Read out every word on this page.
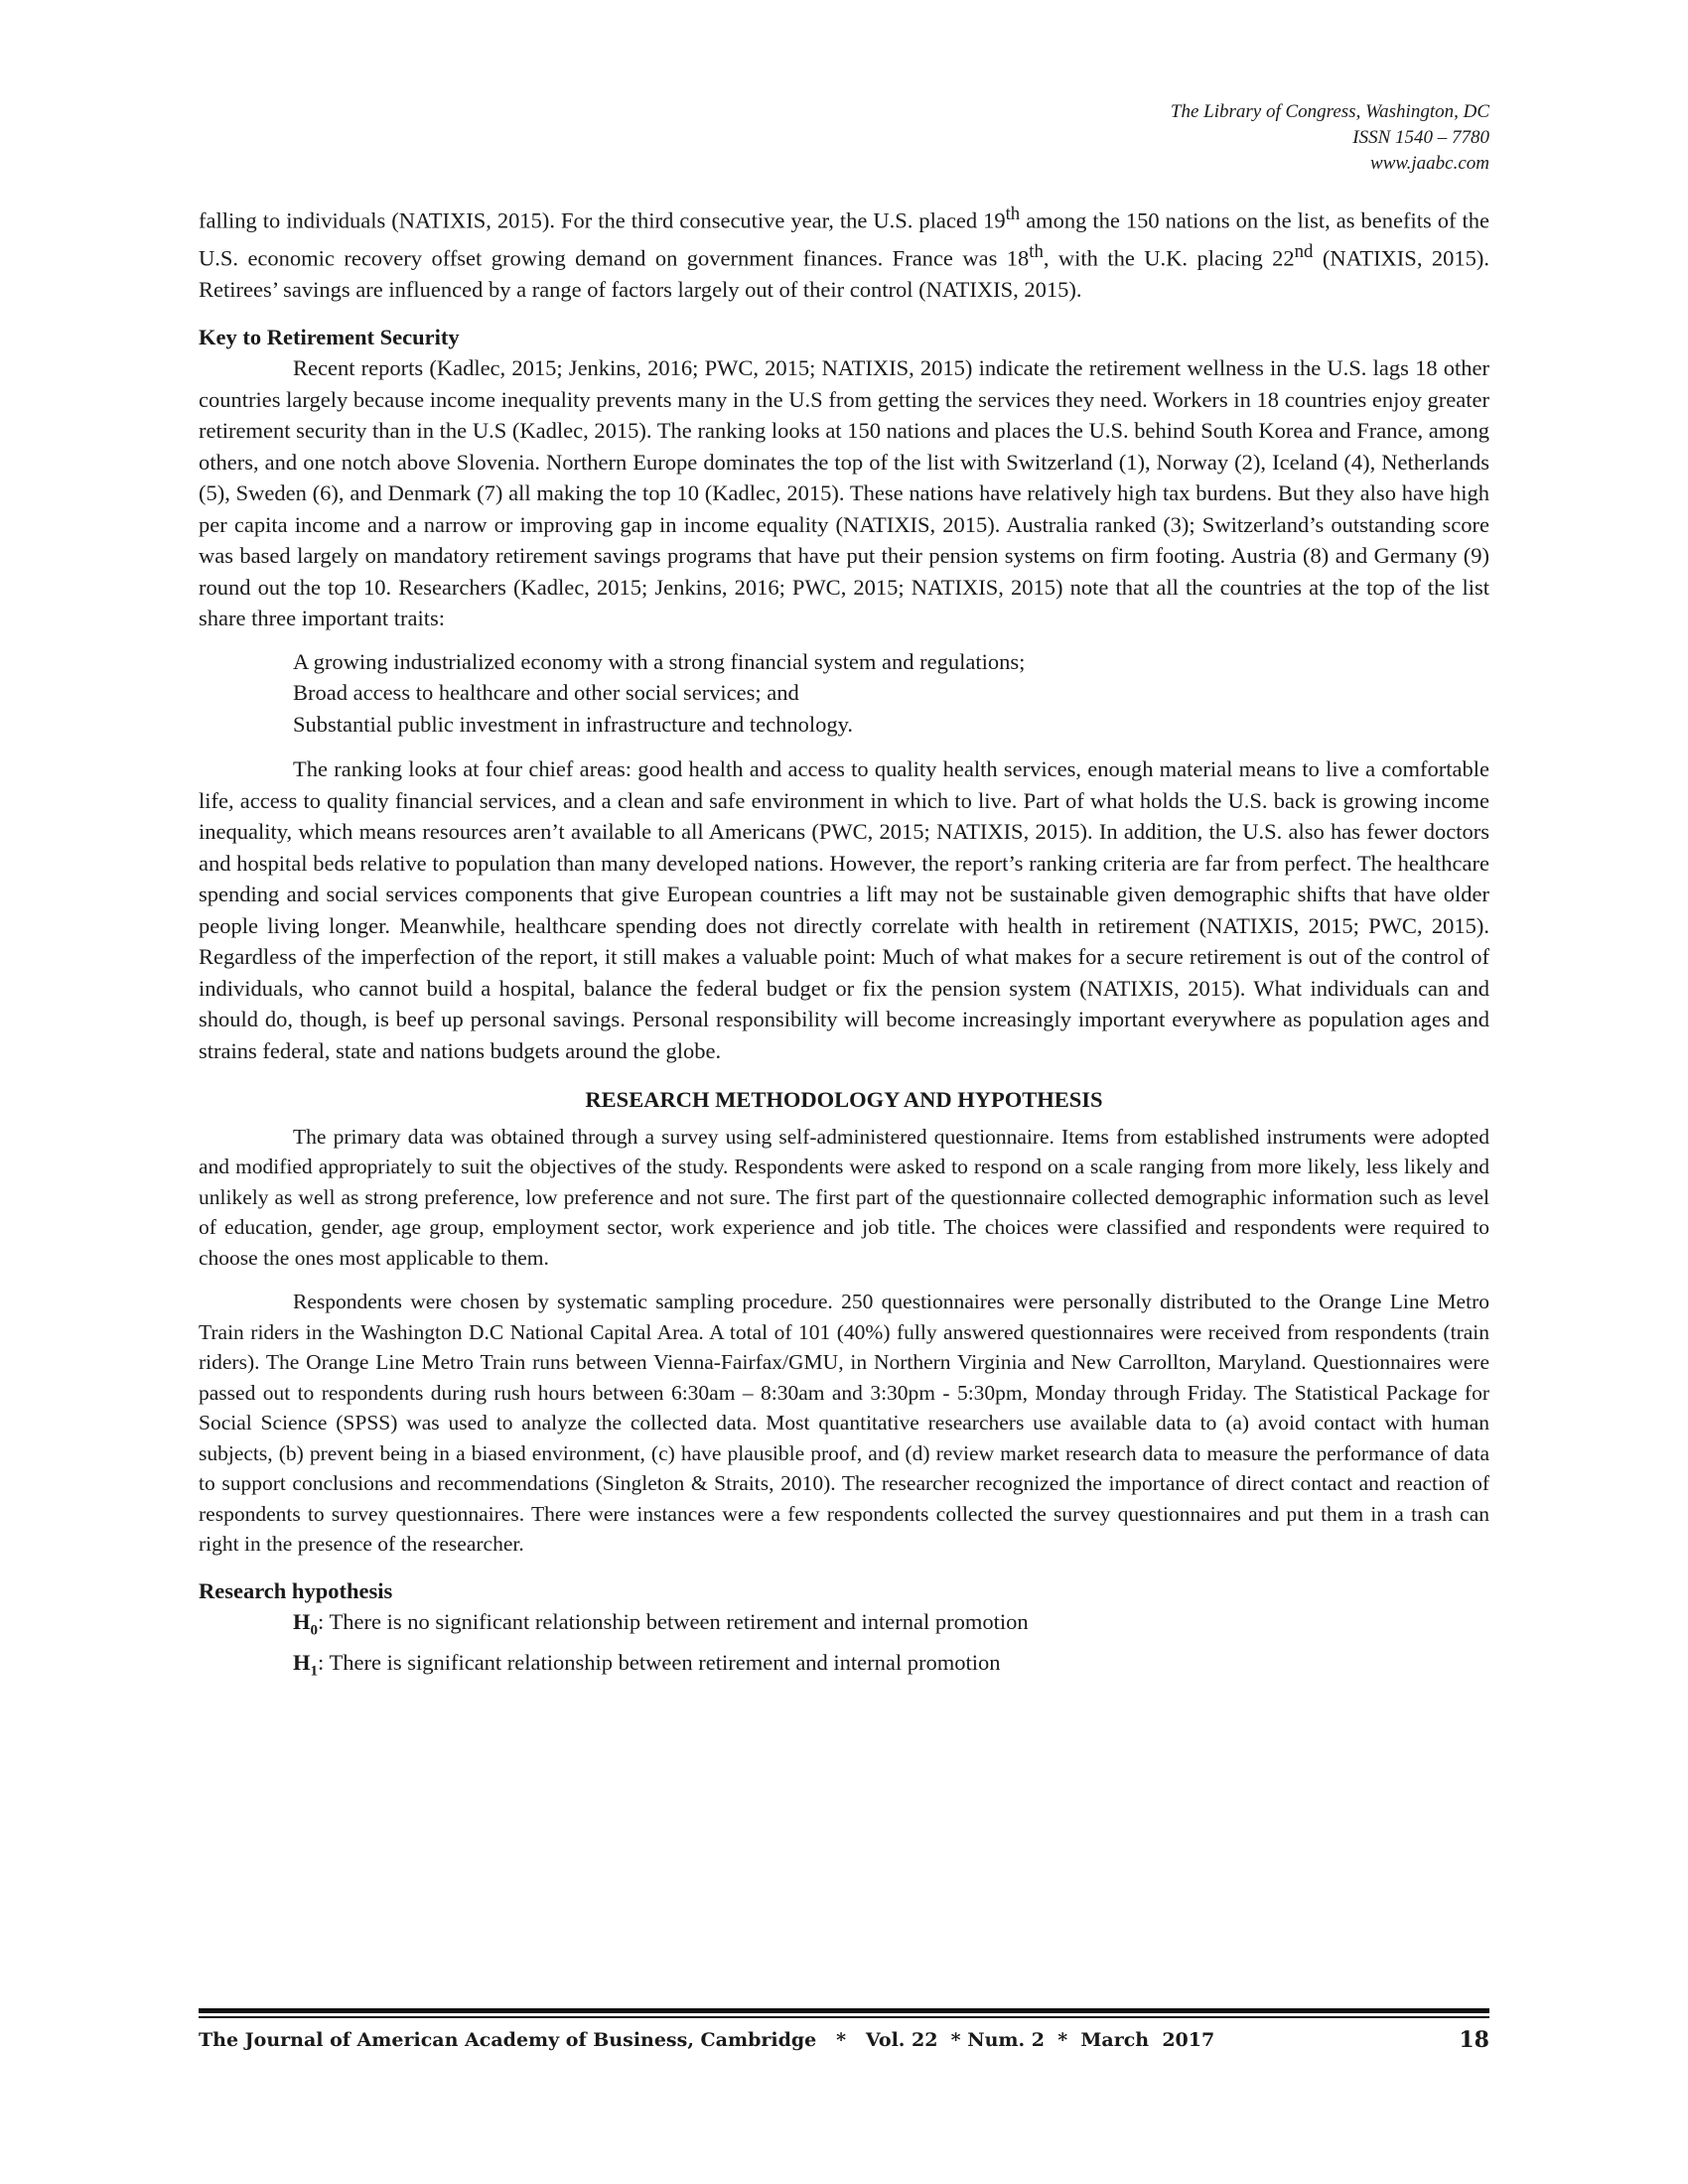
The Library of Congress, Washington, DC
ISSN 1540 – 7780
www.jaabc.com

falling to individuals (NATIXIS, 2015). For the third consecutive year, the U.S. placed 19th among the 150 nations on the list, as benefits of the U.S. economic recovery offset growing demand on government finances. France was 18th, with the U.K. placing 22nd (NATIXIS, 2015). Retirees’ savings are influenced by a range of factors largely out of their control (NATIXIS, 2015).

Key to Retirement Security

Recent reports (Kadlec, 2015; Jenkins, 2016; PWC, 2015; NATIXIS, 2015) indicate the retirement wellness in the U.S. lags 18 other countries largely because income inequality prevents many in the U.S from getting the services they need. Workers in 18 countries enjoy greater retirement security than in the U.S (Kadlec, 2015). The ranking looks at 150 nations and places the U.S. behind South Korea and France, among others, and one notch above Slovenia. Northern Europe dominates the top of the list with Switzerland (1), Norway (2), Iceland (4), Netherlands (5), Sweden (6), and Denmark (7) all making the top 10 (Kadlec, 2015). These nations have relatively high tax burdens. But they also have high per capita income and a narrow or improving gap in income equality (NATIXIS, 2015). Australia ranked (3); Switzerland’s outstanding score was based largely on mandatory retirement savings programs that have put their pension systems on firm footing. Austria (8) and Germany (9) round out the top 10. Researchers (Kadlec, 2015; Jenkins, 2016; PWC, 2015; NATIXIS, 2015) note that all the countries at the top of the list share three important traits:

A growing industrialized economy with a strong financial system and regulations;
Broad access to healthcare and other social services; and
Substantial public investment in infrastructure and technology.

The ranking looks at four chief areas: good health and access to quality health services, enough material means to live a comfortable life, access to quality financial services, and a clean and safe environment in which to live. Part of what holds the U.S. back is growing income inequality, which means resources aren’t available to all Americans (PWC, 2015; NATIXIS, 2015). In addition, the U.S. also has fewer doctors and hospital beds relative to population than many developed nations. However, the report’s ranking criteria are far from perfect. The healthcare spending and social services components that give European countries a lift may not be sustainable given demographic shifts that have older people living longer. Meanwhile, healthcare spending does not directly correlate with health in retirement (NATIXIS, 2015; PWC, 2015). Regardless of the imperfection of the report, it still makes a valuable point: Much of what makes for a secure retirement is out of the control of individuals, who cannot build a hospital, balance the federal budget or fix the pension system (NATIXIS, 2015). What individuals can and should do, though, is beef up personal savings. Personal responsibility will become increasingly important everywhere as population ages and strains federal, state and nations budgets around the globe.

RESEARCH METHODOLOGY AND HYPOTHESIS

The primary data was obtained through a survey using self-administered questionnaire. Items from established instruments were adopted and modified appropriately to suit the objectives of the study. Respondents were asked to respond on a scale ranging from more likely, less likely and unlikely as well as strong preference, low preference and not sure. The first part of the questionnaire collected demographic information such as level of education, gender, age group, employment sector, work experience and job title. The choices were classified and respondents were required to choose the ones most applicable to them.

Respondents were chosen by systematic sampling procedure. 250 questionnaires were personally distributed to the Orange Line Metro Train riders in the Washington D.C National Capital Area. A total of 101 (40%) fully answered questionnaires were received from respondents (train riders). The Orange Line Metro Train runs between Vienna-Fairfax/GMU, in Northern Virginia and New Carrollton, Maryland. Questionnaires were passed out to respondents during rush hours between 6:30am – 8:30am and 3:30pm - 5:30pm, Monday through Friday. The Statistical Package for Social Science (SPSS) was used to analyze the collected data. Most quantitative researchers use available data to (a) avoid contact with human subjects, (b) prevent being in a biased environment, (c) have plausible proof, and (d) review market research data to measure the performance of data to support conclusions and recommendations (Singleton & Straits, 2010). The researcher recognized the importance of direct contact and reaction of respondents to survey questionnaires. There were instances were a few respondents collected the survey questionnaires and put them in a trash can right in the presence of the researcher.

Research hypothesis
$H_0$: There is no significant relationship between retirement and internal promotion
$H_1$: There is significant relationship between retirement and internal promotion
The Journal of American Academy of Business, Cambridge   *   Vol. 22  * Num. 2  *  March  2017	18
